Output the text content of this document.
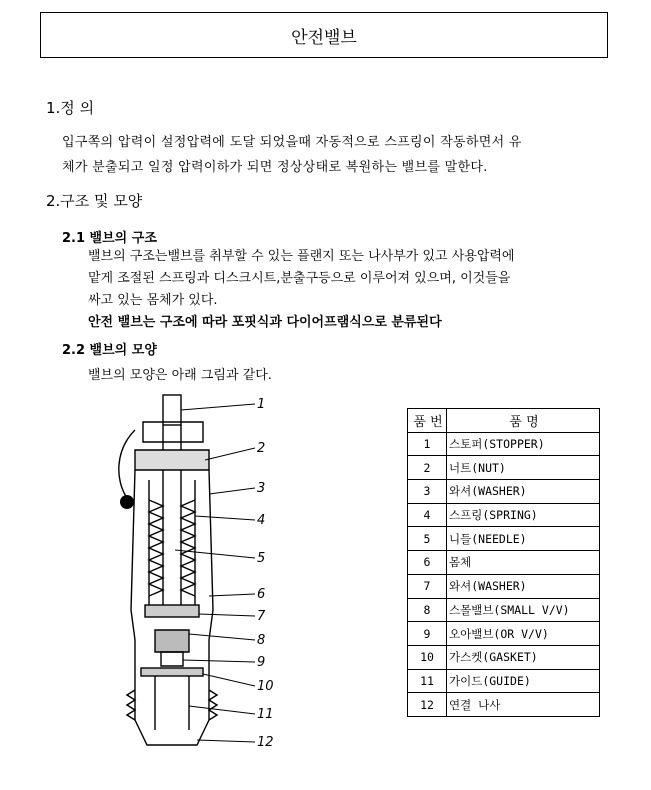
안전밸브
1.정 의
입구쪽의 압력이 설정압력에 도달 되었을때 자동적으로 스프링이 작동하면서 유
체가 분출되고 일정 압력이하가 되면 정상상태로 복원하는 밸브를 말한다.
2.구조 및 모양
2.1 밸브의 구조
밸브의 구조는밸브를 취부할 수 있는 플랜지 또는 나사부가 있고 사용압력에
맡게 조절된 스프링과 디스크시트,분출구등으로 이루어져 있으며, 이것들을
싸고 있는 몸체가 있다.
안전 밸브는 구조에 따라 포핏식과 다이어프램식으로 분류된다
2.2 밸브의 모양
밸브의 모양은 아래 그림과 같다.
1
2
3
4
5
6
7
8
9
10
11
12
품 번	품 명
1	스토퍼(STOPPER)
2	너트(NUT)
3	와셔(WASHER)
4	스프링(SPRING)
5	니들(NEEDLE)
6	몸체
7	와셔(WASHER)
8	스몰밸브(SMALL V/V)
9	오아밸브(OR V/V)
10	가스켓(GASKET)
11	가이드(GUIDE)
12	연결 나사
